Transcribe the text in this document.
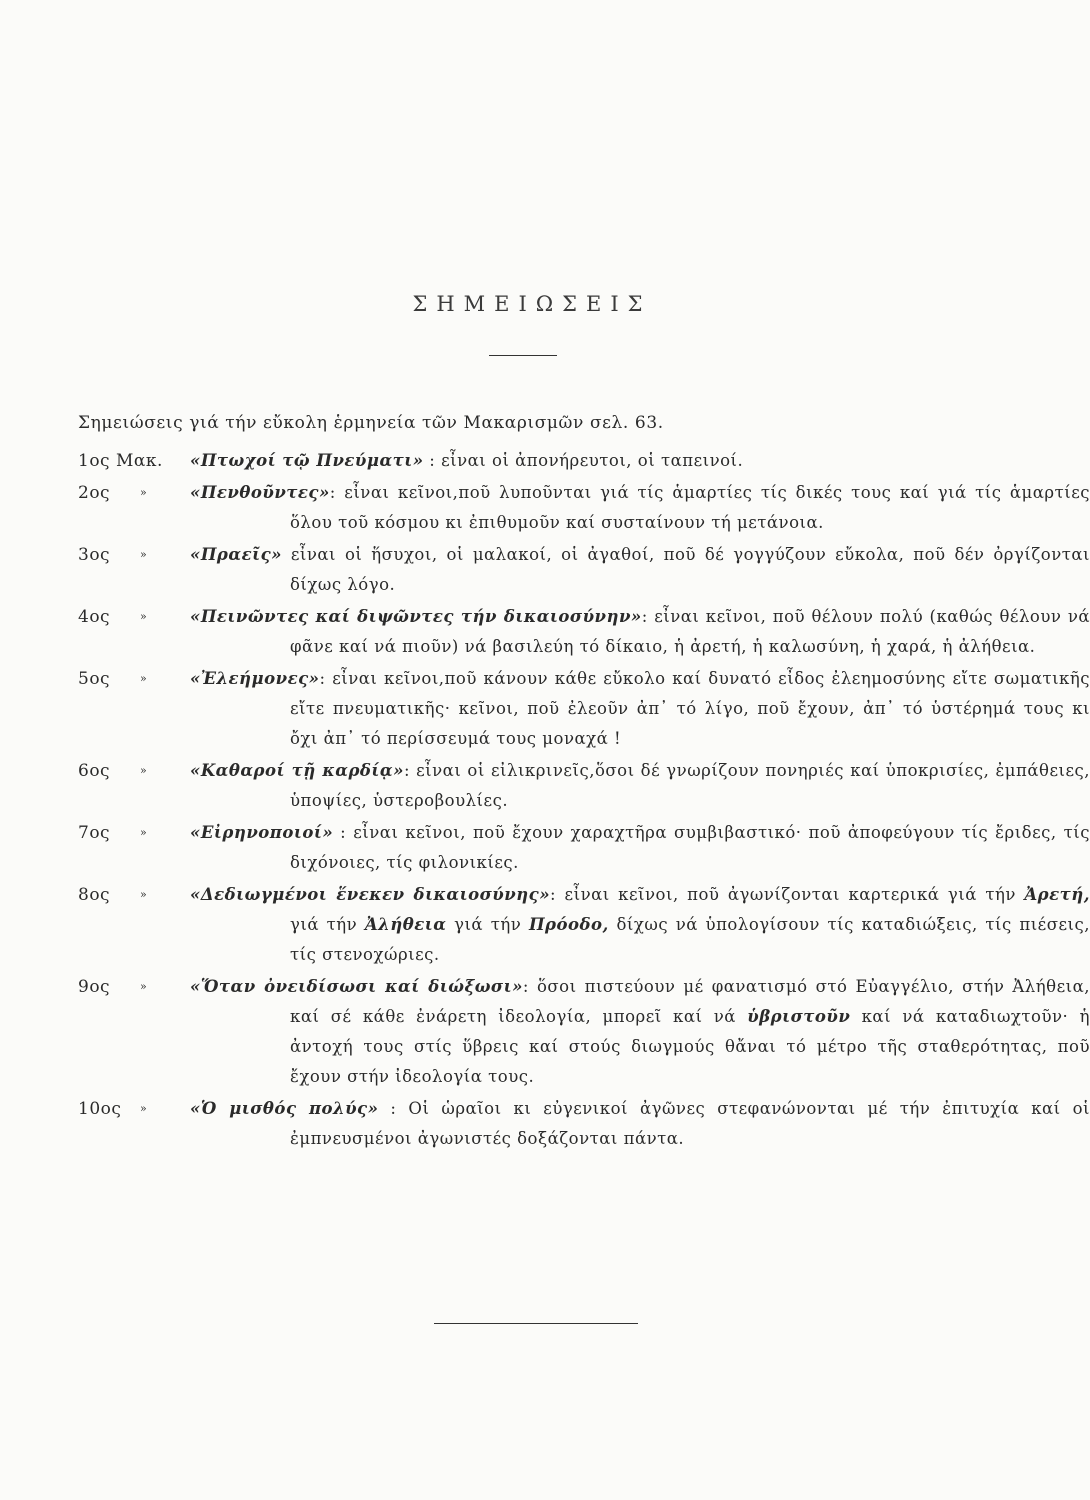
ΣΗΜΕΙΩΣΕΙΣ
Σημειώσεις γιά τήν εὔκολη ἑρμηνεία τῶν Μακαρισμῶν σελ. 63.
1ος Μακ. «Πτωχοί τῷ Πνεύματι» : εἶναι οἱ ἀπονήρευτοι, οἱ ταπεινοί.
2ος	»	«Πενθοῦντες»: εἶναι κεῖνοι,ποῦ λυποῦνται γιά τίς ἁμαρτίες τίς δικές τους καί γιά τίς ἁμαρτίες ὅλου τοῦ κόσμου κι ἐπιθυμοῦν καί συσταίνουν τή μετάνοια.
3ος	»	«Πραεῖς» εἶναι οἱ ἥσυχοι, οἱ μαλακοί, οἱ ἀγαθοί, ποῦ δέ γογγύζουν εὔκολα, ποῦ δέν ὀργίζονται δίχως λόγο.
4ος	»	«Πεινῶντες καί διψῶντες τήν δικαιοσύνην»: εἶναι κεῖνοι, ποῦ θέλουν πολύ (καθώς θέλουν νά φᾶνε καί νά πιοῦν) νά βασιλεύη τό δίκαιο, ἡ ἀρετή, ἡ καλωσύνη, ἡ χαρά, ἡ ἀλήθεια.
5ος	»	«Ἐλεήμονες»: εἶναι κεῖνοι,ποῦ κάνουν κάθε εὔκολο καί δυνατό εἶδος ἐλεημοσύνης εἴτε σωματικῆς εἴτε πνευματικῆς· κεῖνοι, ποῦ ἐλεοῦν ἀπ᾽ τό λίγο, ποῦ ἔχουν, ἀπ᾽ τό ὑστέρημά τους κι ὄχι ἀπ᾽ τό περίσσευμά τους μοναχά !
6ος	»	«Καθαροί τῇ καρδίᾳ»: εἶναι οἱ εἰλικρινεῖς,ὅσοι δέ γνωρίζουν πονηριές καί ὑποκρισίες, ἐμπάθειες, ὑποψίες, ὑστεροβουλίες.
7ος	»	«Εἰρηνοποιοί» : εἶναι κεῖνοι, ποῦ ἔχουν χαραχτῆρα συμβιβαστικό· ποῦ ἀποφεύγουν τίς ἔριδες, τίς διχόνοιες, τίς φιλονικίες.
8ος	»	«Δεδιωγμένοι ἕνεκεν δικαιοσύνης»: εἶναι κεῖνοι, ποῦ ἀγωνίζονται καρτερικά γιά τήν Ἀρετή, γιά τήν Ἀλήθεια γιά τήν Πρόοδο, δίχως νά ὑπολογίσουν τίς καταδιώξεις, τίς πιέσεις, τίς στενοχώριες.
9ος	»	«Ὅταν ὀνειδίσωσι καί διώξωσι»: ὅσοι πιστεύουν μέ φανατισμό στό Εὐαγγέλιο, στήν Ἀλήθεια, καί σέ κάθε ἐνάρετη ἰδεολογία, μπορεῖ καί νά ὑβριστοῦν καί νά καταδιωχτοῦν· ἡ ἀντοχή τους στίς ὕβρεις καί στούς διωγμούς θἄναι τό μέτρο τῆς σταθερότητας, ποῦ ἔχουν στήν ἰδεολογία τους.
10ος	»	«Ὁ μισθός πολύς» : Οἱ ὡραῖοι κι εὐγενικοί ἀγῶνες στεφανώνονται μέ τήν ἐπιτυχία καί οἱ ἐμπνευσμένοι ἀγωνιστές δοξάζονται πάντα.
